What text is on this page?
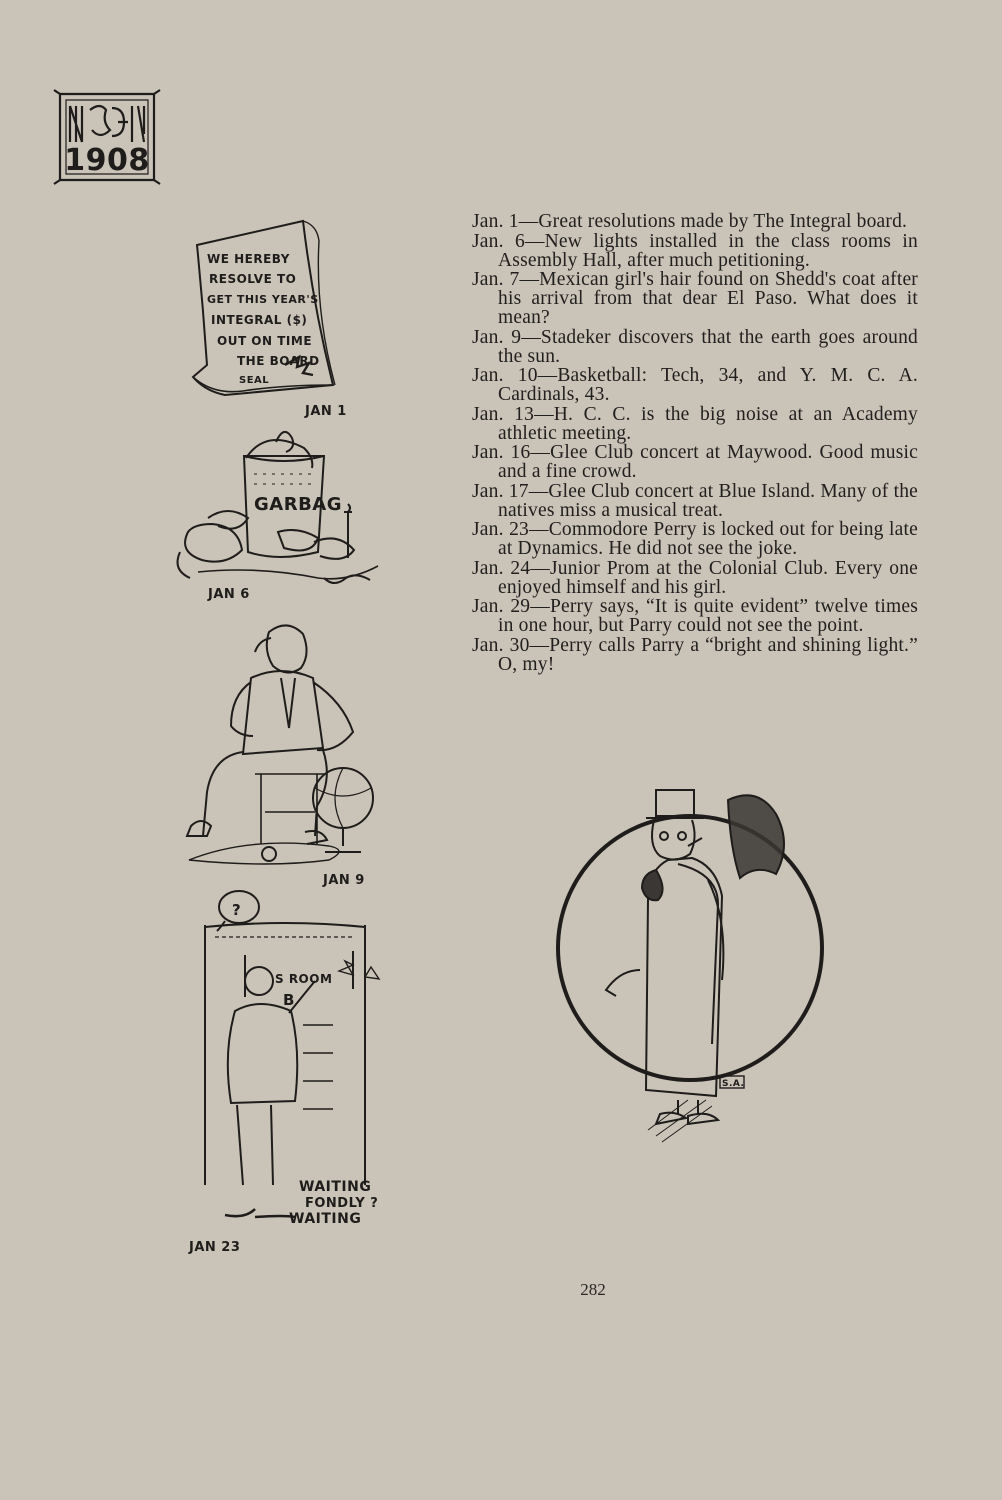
1908
WE HEREBY
RESOLVE TO
GET THIS YEAR'S
INTEGRAL ($)
OUT ON TIME
THE BOARD
SEAL
JAN 1
GARBAG
JAN 6
JAN 9
?
S ROOM
B
WAITING
FONDLY ?
WAITING
JAN 23

Jan. 1—Great resolutions made by The Integral board.

Jan. 6—New lights installed in the class rooms in Assembly Hall, after much petitioning.

Jan. 7—Mexican girl's hair found on Shedd's coat after his arrival from that dear El Paso. What does it mean?

Jan. 9—Stadeker discovers that the earth goes around the sun.

Jan. 10—Basketball: Tech, 34, and Y. M. C. A. Cardinals, 43.

Jan. 13—H. C. C. is the big noise at an Academy athletic meeting.

Jan. 16—Glee Club concert at Maywood. Good music and a fine crowd.

Jan. 17—Glee Club concert at Blue Island. Many of the natives miss a musical treat.

Jan. 23—Commodore Perry is locked out for being late at Dynamics. He did not see the joke.

Jan. 24—Junior Prom at the Colonial Club. Every one enjoyed himself and his girl.

Jan. 29—Perry says, “It is quite evident” twelve times in one hour, but Parry could not see the point.

Jan. 30—Perry calls Parry a “bright and shining light.” O, my!

S.A.
282
